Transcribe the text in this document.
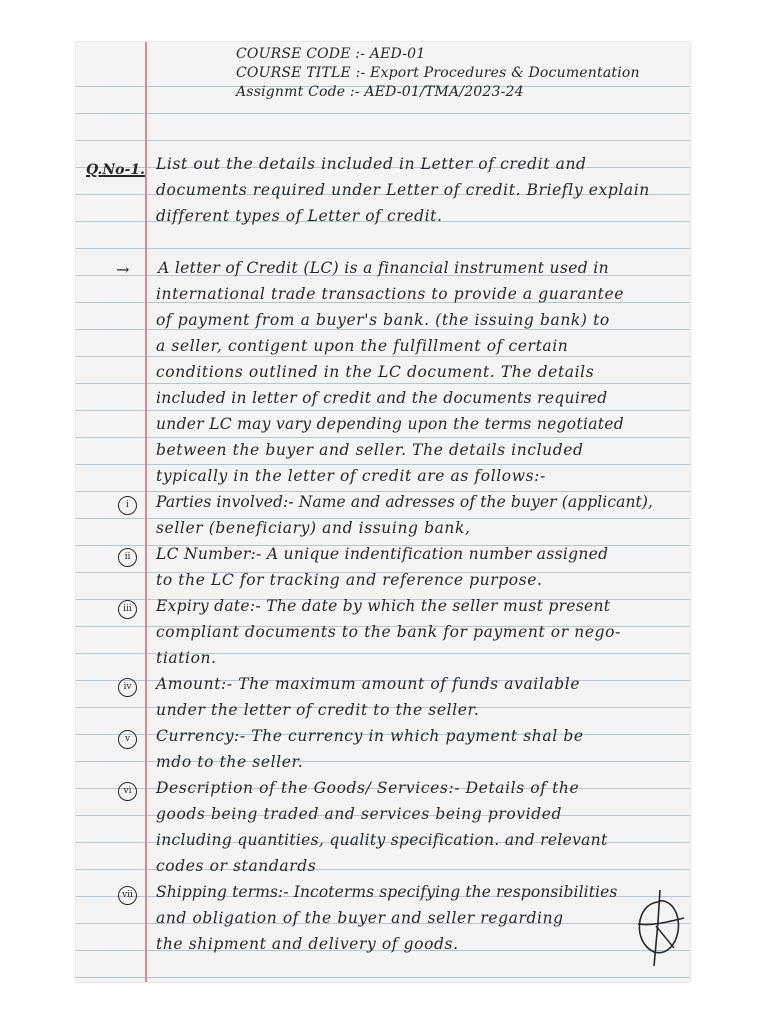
COURSE CODE :- AED-01
COURSE TITLE :- Export Procedures & Documentation
Assignmt Code :- AED-01/TMA/2023-24
Q.No-1. List out the details included in Letter of credit and
documents required under Letter of credit. Briefly explain
different types of Letter of credit.
→ A letter of Credit (LC) is a financial instrument used in
international trade transactions to provide a guarantee
of payment from a buyer's bank. (the issuing bank) to
a seller, contigent upon the fulfillment of certain
conditions outlined in the LC document. The details
included in letter of credit and the documents required
under LC may vary depending upon the terms negotiated
between the buyer and seller. The details included
typically in the letter of credit are as follows:-
i	Parties involved:- Name and adresses of the buyer (applicant),
seller (beneficiary) and issuing bank,
ii	LC Number:- A unique indentification number assigned
to the LC for tracking and reference purpose.
iii	Expiry date:- The date by which the seller must present
compliant documents to the bank for payment or nego-
tiation.
iv	Amount:- The maximum amount of funds available
under the letter of credit to the seller.
v	Currency:- The currency in which payment shal be
mdo to the seller.
vi	Description of the Goods/ Services:- Details of the
goods being traded and services being provided
including quantities, quality specification. and relevant
codes or standards
vii Shipping terms:- Incoterms specifying the responsibilities
and obligation of the buyer and seller regarding
the shipment and delivery of goods.
